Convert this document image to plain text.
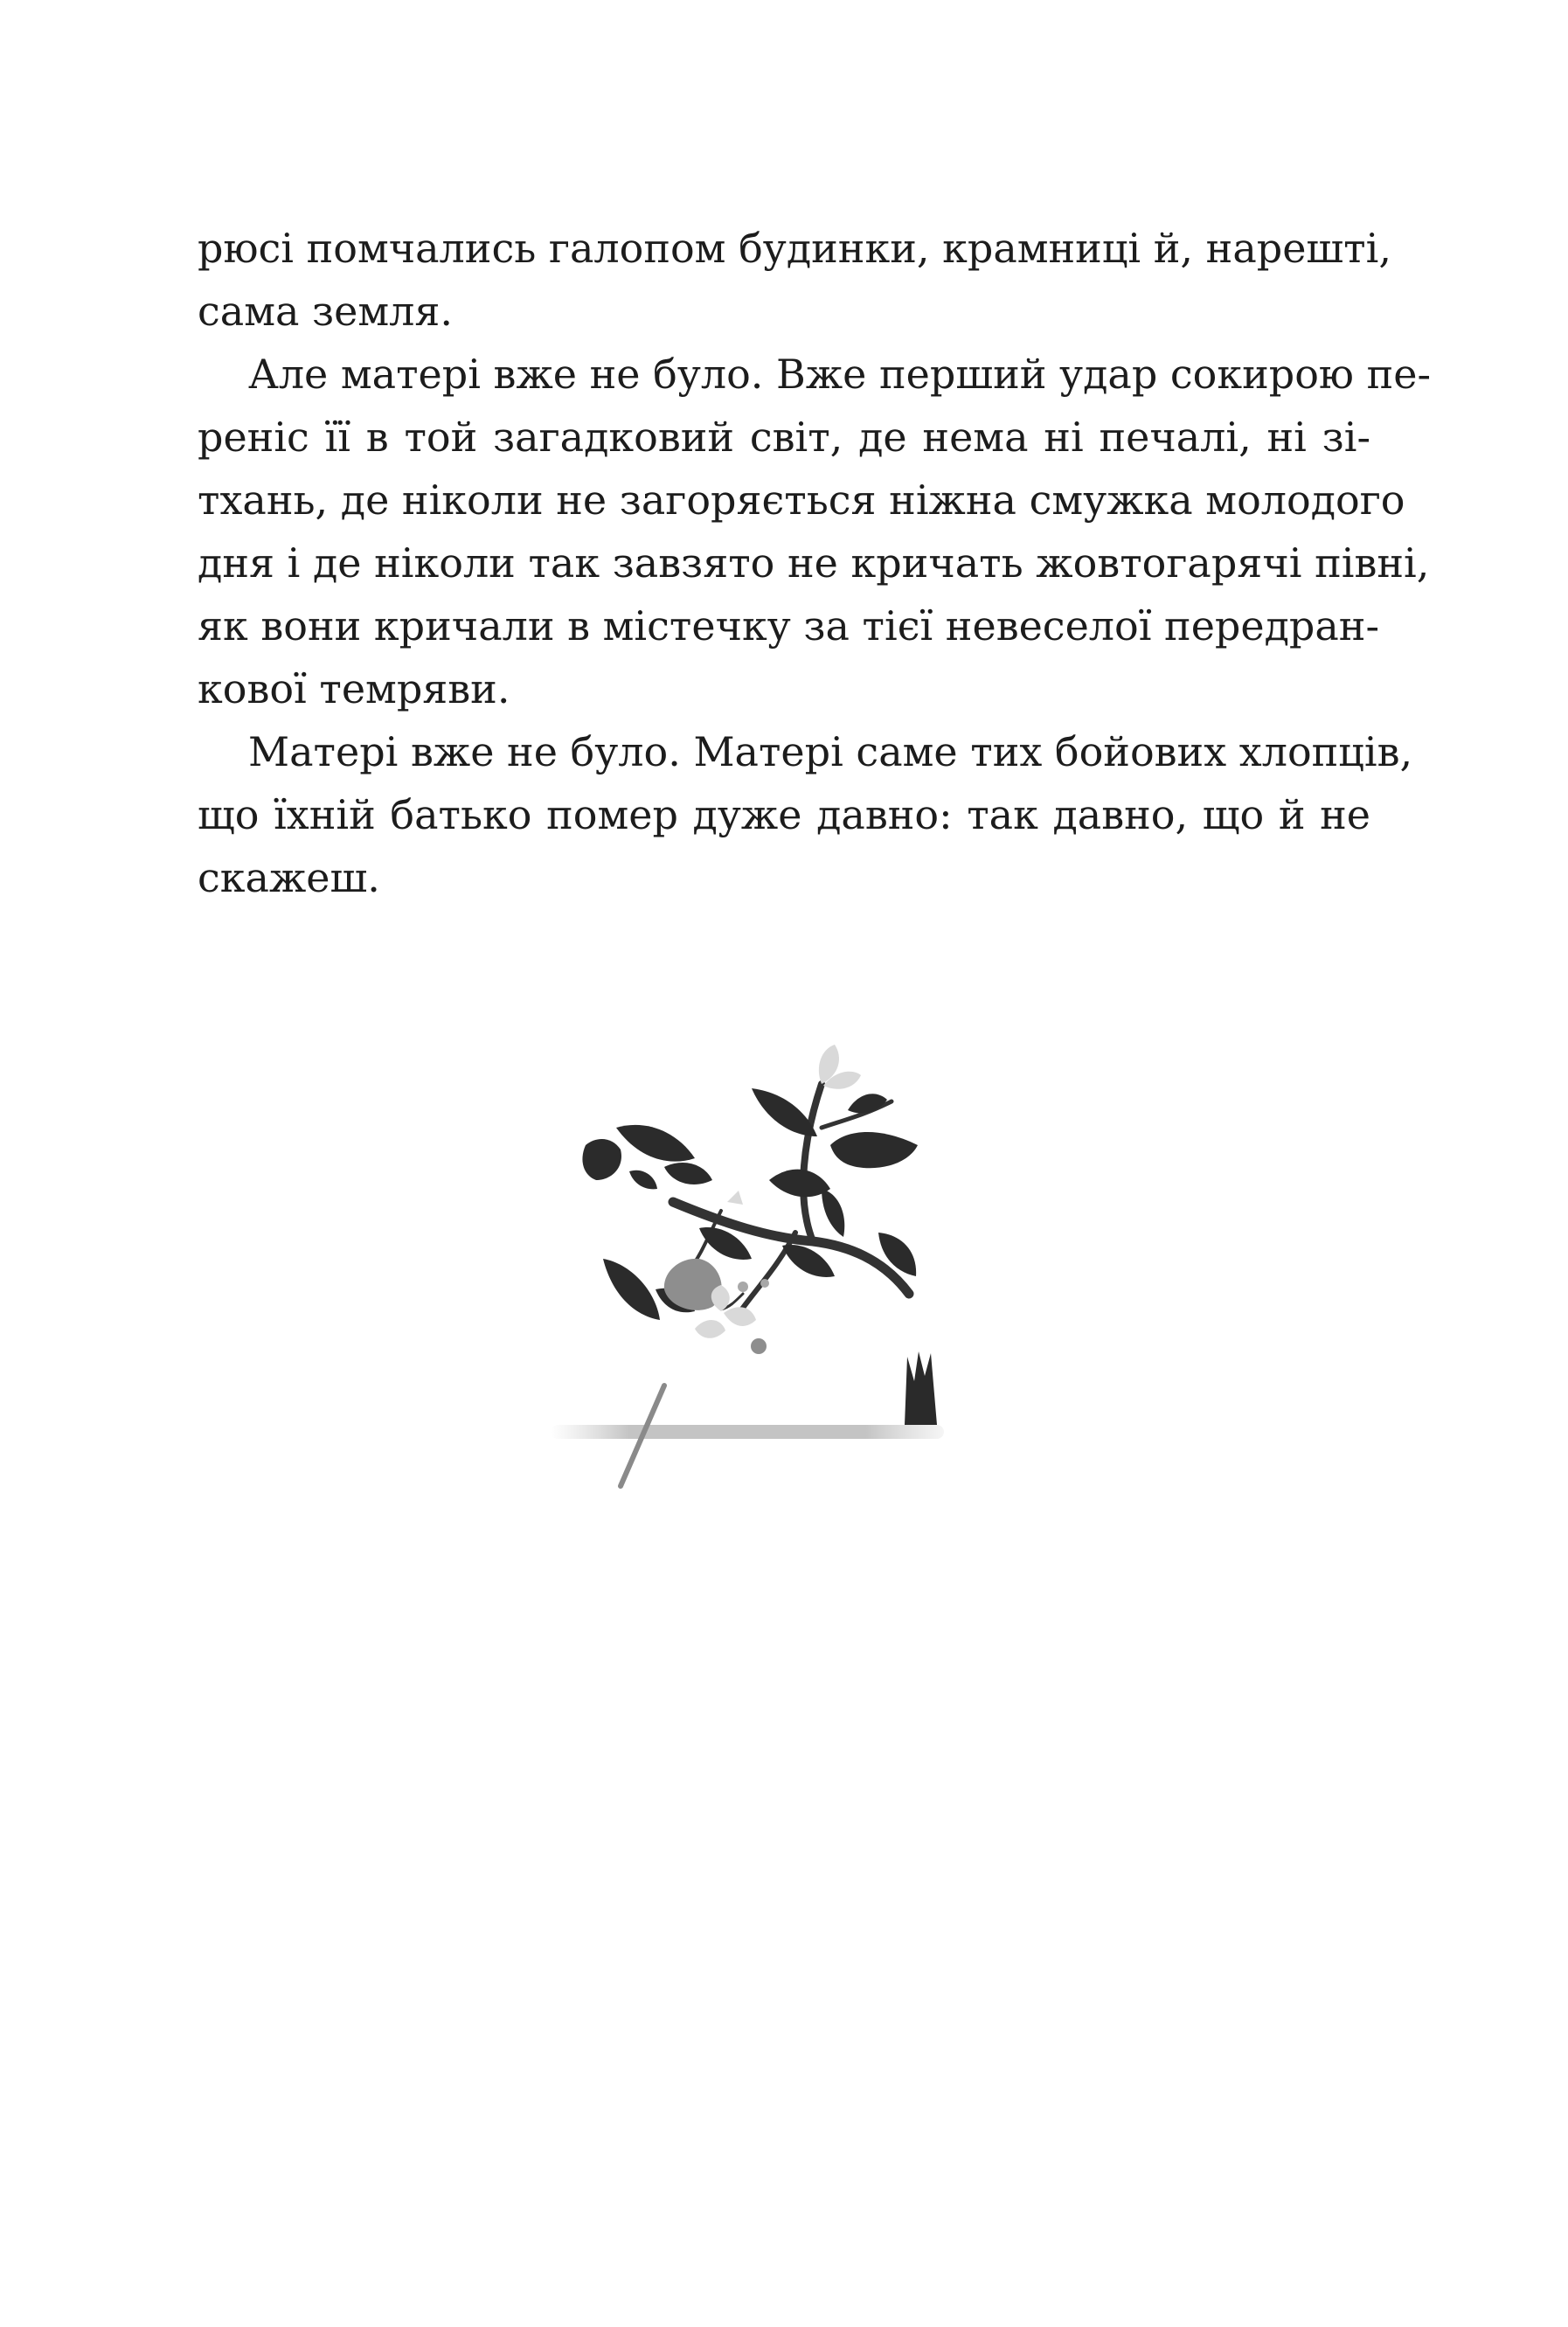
рюсі помчались галопом будинки, крамниці й, нарешті,
сама земля.
Але матері вже не було. Вже перший удар сокирою пе-
реніс її в той загадковий світ, де нема ні печалі, ні зі-
тхань, де ніколи не загоряється ніжна смужка молодого
дня і де ніколи так завзято не кричать жовтогарячі півні,
як вони кричали в містечку за тієї невеселої передран-
кової темряви.
Матері вже не було. Матері саме тих бойових хлопців,
що їхній батько помер дуже давно: так давно, що й не
скажеш.
